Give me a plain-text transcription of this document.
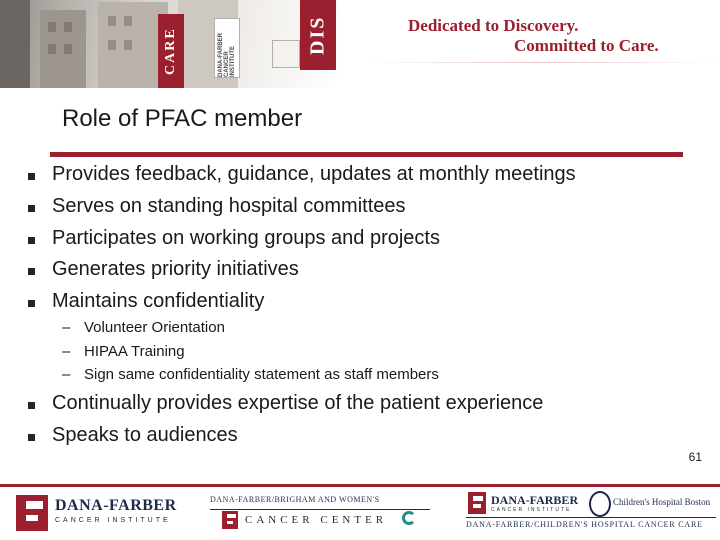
CARE	DANA-FARBER CANCER INSTITUTE
DIS	Dedicated to Discovery.
Committed to Care.
Role of PFAC member
Provides feedback, guidance, updates at monthly meetings
Serves on standing hospital committees
Participates on working groups and projects
Generates priority initiatives
Maintains confidentiality
– Volunteer Orientation
– HIPAA Training
– Sign same confidentiality statement as staff members
Continually provides expertise of the patient experience
Speaks to audiences
61
DANA-FARBER
CANCER INSTITUTE
DANA-FARBER/BRIGHAM AND WOMEN'S
CANCER CENTER
DANA-FARBER
CANCER INSTITUTE
Children's Hospital Boston
DANA-FARBER/CHILDREN'S HOSPITAL CANCER CARE
